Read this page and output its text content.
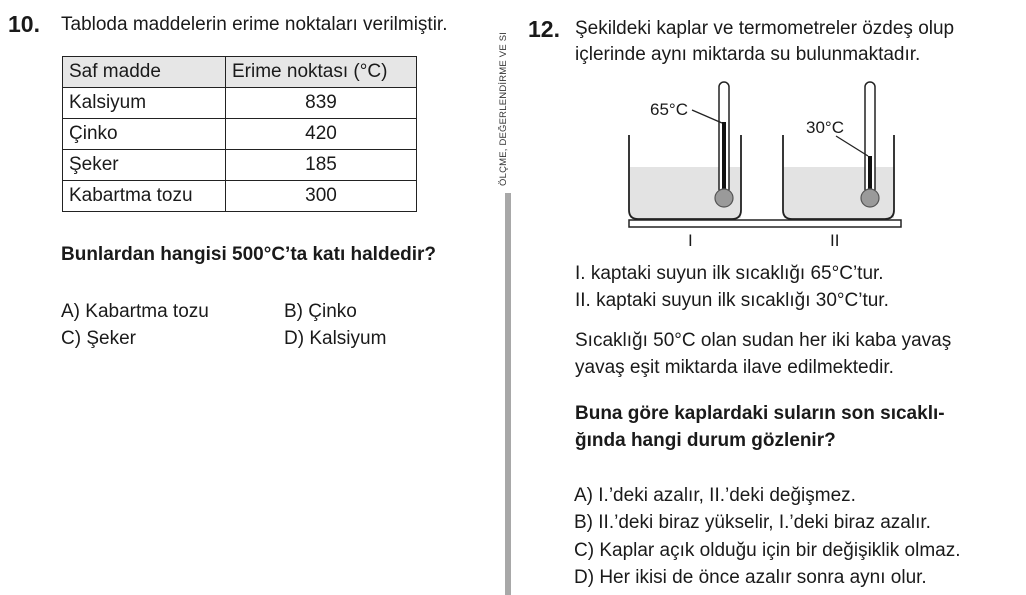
10. Tabloda maddelerin erime noktaları verilmiştir.
Saf madde	Erime noktası (°C)
Kalsiyum	839
Çinko	420
Şeker	185
Kabartma tozu	300
Bunlardan hangisi 500°C’ta katı haldedir?
A) Kabartma tozu	B) Çinko
C) Şeker	D) Kalsiyum
ÖLÇME, DEĞERLENDİRME VE SI
12. Şekildeki kaplar ve termometreler özdeş olup
içlerinde aynı miktarda su bulunmaktadır.
65°C
30°C
I	II
I. kaptaki suyun ilk sıcaklığı 65°C’tur.
II. kaptaki suyun ilk sıcaklığı 30°C’tur.
Sıcaklığı 50°C olan sudan her iki kaba yavaş
yavaş eşit miktarda ilave edilmektedir.
Buna göre kaplardaki suların son sıcaklı-
ğında hangi durum gözlenir?
A) I.’deki azalır, II.’deki değişmez.
B) II.’deki biraz yükselir, I.’deki biraz azalır.
C) Kaplar açık olduğu için bir değişiklik olmaz.
D) Her ikisi de önce azalır sonra aynı olur.
